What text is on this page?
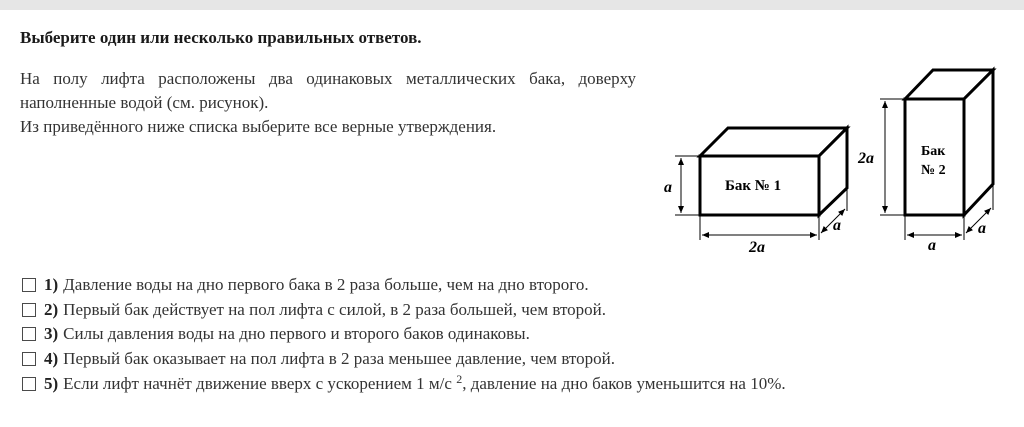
Выберите один или несколько правильных ответов.

На полу лифта расположены два одинаковых металлических бака, доверху наполненные водой (см. рисунок).

Из приведённого ниже списка выберите все верные утверждения.

Бак № 1
a
2a
a
Бак
№ 2
2a
a
a
1) Давление воды на дно первого бака в 2 раза больше, чем на дно второго.
2) Первый бак действует на пол лифта с силой, в 2 раза большей, чем второй.
3) Силы давления воды на дно первого и второго баков одинаковы.
4) Первый бак оказывает на пол лифта в 2 раза меньшее давление, чем второй.
5) Если лифт начнёт движение вверх с ускорением 1 м/с $^2$, давление на дно баков уменьшится на 10%.
